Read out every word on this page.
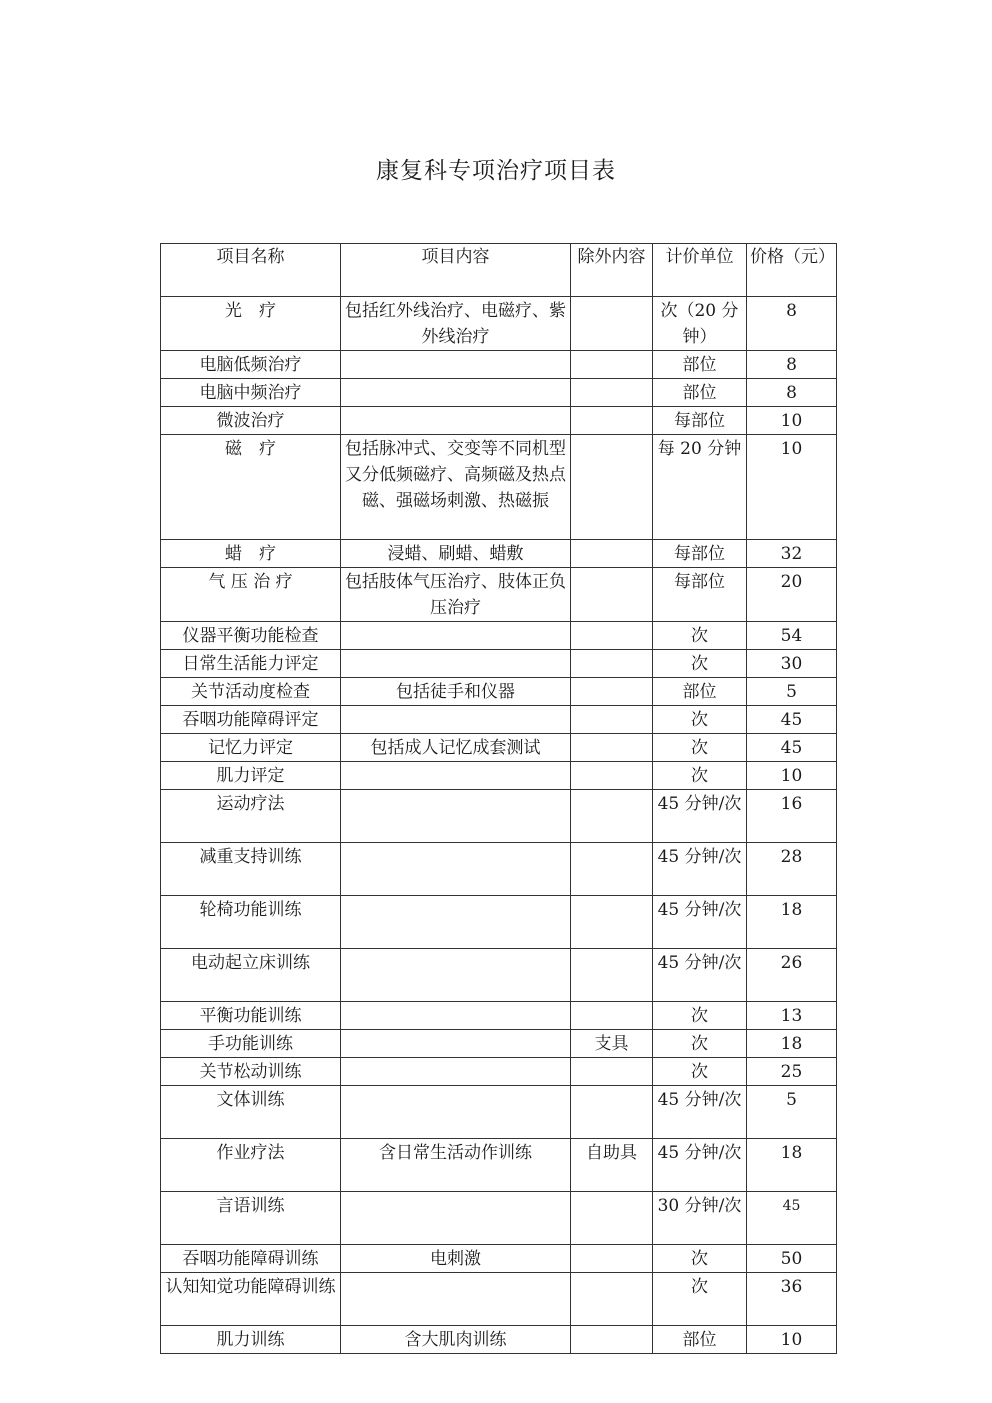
康复科专项治疗项目表
项目名称	项目内容	除外内容	计价单位	价格（元）
光　疗	包括红外线治疗、电磁疗、紫外线治疗		次（20 分钟）	8
电脑低频治疗			部位	8
电脑中频治疗			部位	8
微波治疗			每部位	10
磁　疗	包括脉冲式、交变等不同机型又分低频磁疗、高频磁及热点磁、强磁场刺激、热磁振		每 20 分钟	10
蜡　疗	浸蜡、刷蜡、蜡敷		每部位	32
气 压 治 疗	包括肢体气压治疗、肢体正负压治疗		每部位	20
仪器平衡功能检查			次	54
日常生活能力评定			次	30
关节活动度检查	包括徒手和仪器		部位	5
吞咽功能障碍评定			次	45
记忆力评定	包括成人记忆成套测试		次	45
肌力评定			次	10
运动疗法			45 分钟/次	16
减重支持训练			45 分钟/次	28
轮椅功能训练			45 分钟/次	18
电动起立床训练			45 分钟/次	26
平衡功能训练			次	13
手功能训练		支具	次	18
关节松动训练			次	25
文体训练			45 分钟/次	5
作业疗法	含日常生活动作训练	自助具	45 分钟/次	18
言语训练			30 分钟/次	45
吞咽功能障碍训练	电刺激		次	50
认知知觉功能障碍训练			次	36
肌力训练	含大肌肉训练		部位	10
